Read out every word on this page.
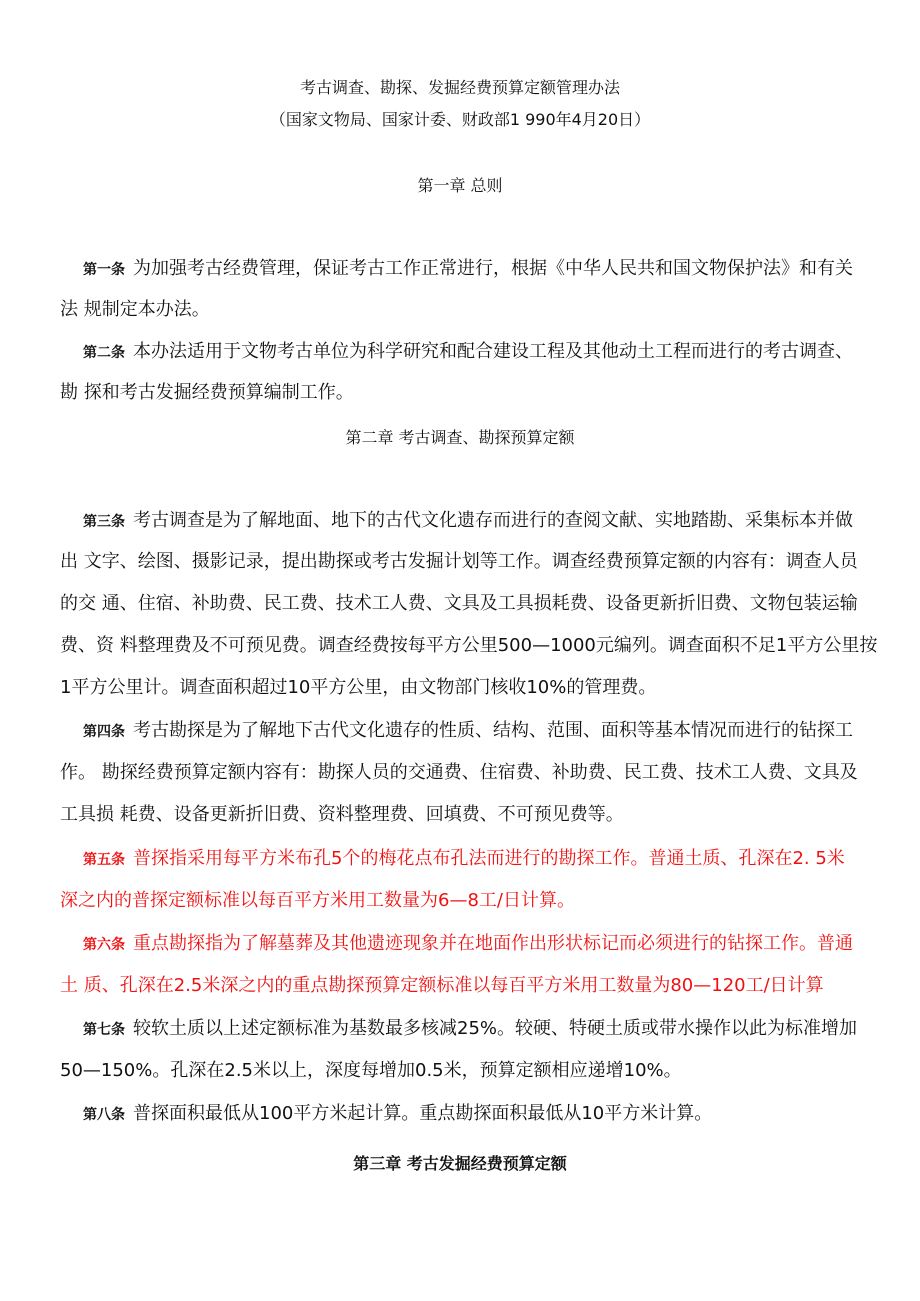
考古调查、勘探、发掘经费预算定额管理办法
（国家文物局、国家计委、财政部1 990年4月20日）
第一章 总则
第一条 为加强考古经费管理，保证考古工作正常进行，根据《中华人民共和国文物保护法》和有关
法 规制定本办法。
第二条 本办法适用于文物考古单位为科学研究和配合建设工程及其他动土工程而进行的考古调查、
勘 探和考古发掘经费预算编制工作。
第二章 考古调查、勘探预算定额
第三条 考古调查是为了解地面、地下的古代文化遗存而进行的查阅文献、实地踏勘、采集标本并做
出 文字、绘图、摄影记录，提出勘探或考古发掘计划等工作。调查经费预算定额的内容有：调查人员
的交 通、住宿、补助费、民工费、技术工人费、文具及工具损耗费、设备更新折旧费、文物包装运输
费、资 料整理费及不可预见费。调查经费按每平方公里500—1000元编列。调查面积不足1平方公里按
1平方公里计。调查面积超过10平方公里，由文物部门核收10%的管理费。
第四条 考古勘探是为了解地下古代文化遗存的性质、结构、范围、面积等基本情况而进行的钻探工
作。 勘探经费预算定额内容有：勘探人员的交通费、住宿费、补助费、民工费、技术工人费、文具及
工具损 耗费、设备更新折旧费、资料整理费、回填费、不可预见费等。
第五条 普探指采用每平方米布孔5个的梅花点布孔法而进行的勘探工作。普通土质、孔深在2. 5米
深之内的普探定额标准以每百平方米用工数量为6—8工/日计算。
第六条 重点勘探指为了解墓葬及其他遗迹现象并在地面作出形状标记而必须进行的钻探工作。普通
土 质、孔深在2.5米深之内的重点勘探预算定额标准以每百平方米用工数量为80—120工/日计算
第七条 较软土质以上述定额标准为基数最多核减25%。较硬、特硬土质或带水操作以此为标准增加
50—150%。孔深在2.5米以上，深度每增加0.5米，预算定额相应递增10%。
第八条 普探面积最低从100平方米起计算。重点勘探面积最低从10平方米计算。
第三章 考古发掘经费预算定额
